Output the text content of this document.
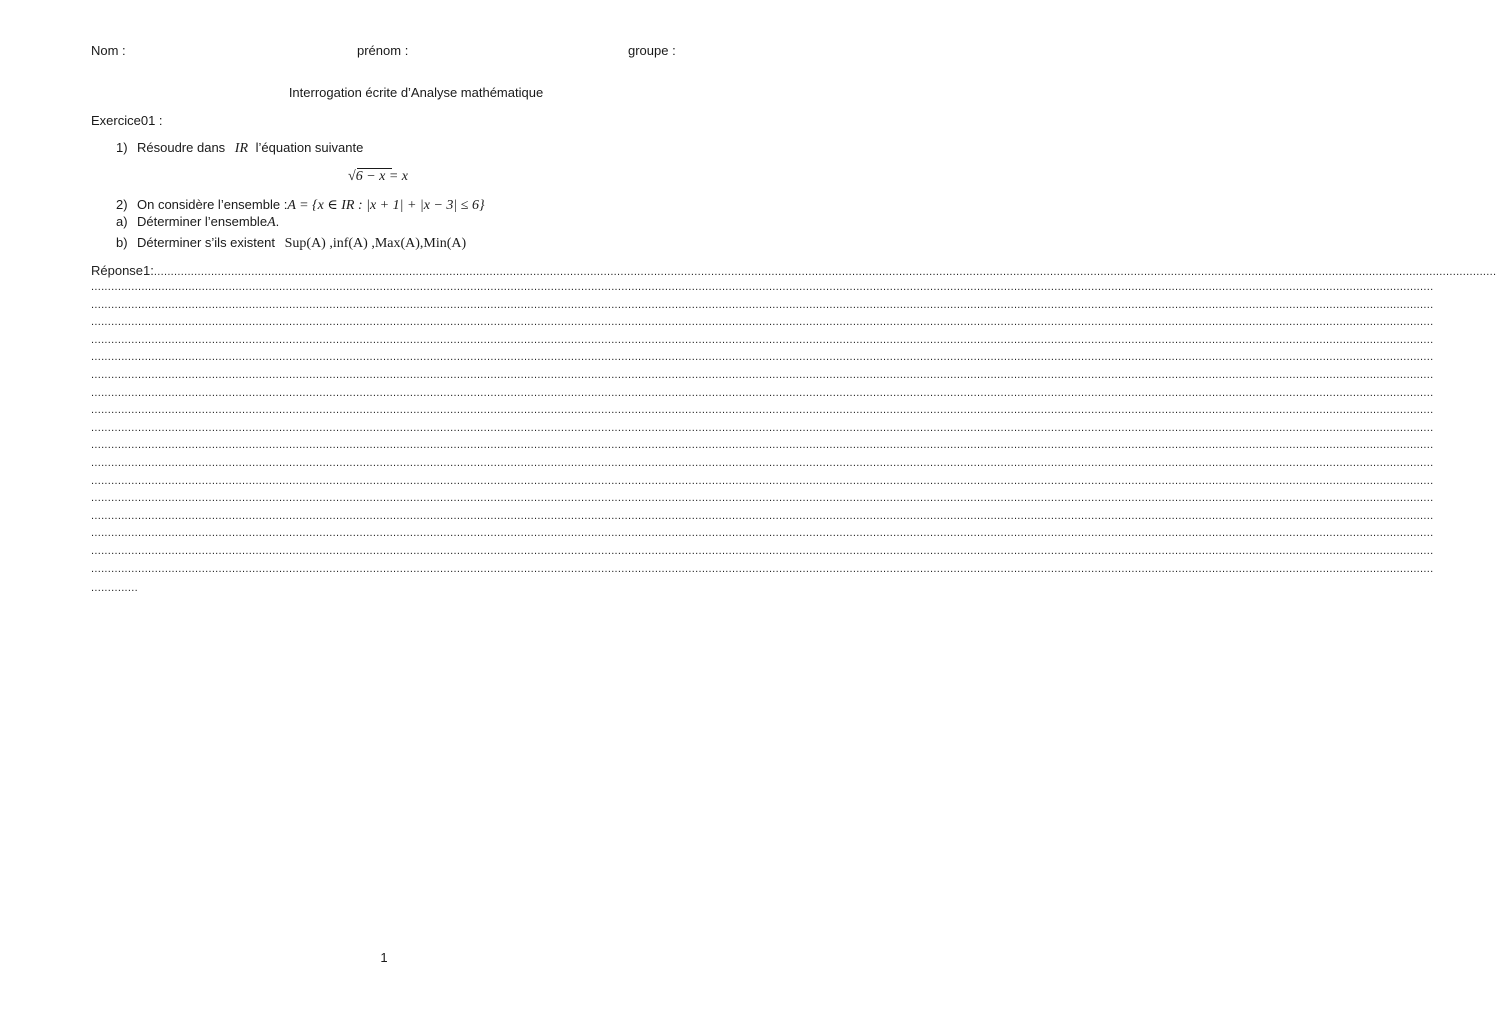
Nom :	prénom :	groupe :
Interrogation écrite d’Analyse mathématique
Exercice01 :
1) Résoudre dans IR l’équation suivante
√6 − x = x
2) On considère l’ensemble :A = {x ∈ IR : |x + 1| + |x − 3| ≤ 6}
a) Déterminer l’ensembleA.
b) Déterminer s’ils existent Sup(A) ,inf(A) ,Max(A),Min(A)
Réponse1:................................................................................................................................................................................................................................................................................................................................................................................................................
................................................................................................................................................................................................................................................................................................................................................................................................................
................................................................................................................................................................................................................................................................................................................................................................................................................
................................................................................................................................................................................................................................................................................................................................................................................................................
................................................................................................................................................................................................................................................................................................................................................................................................................
................................................................................................................................................................................................................................................................................................................................................................................................................
................................................................................................................................................................................................................................................................................................................................................................................................................
................................................................................................................................................................................................................................................................................................................................................................................................................
................................................................................................................................................................................................................................................................................................................................................................................................................
................................................................................................................................................................................................................................................................................................................................................................................................................
................................................................................................................................................................................................................................................................................................................................................................................................................
................................................................................................................................................................................................................................................................................................................................................................................................................
................................................................................................................................................................................................................................................................................................................................................................................................................
................................................................................................................................................................................................................................................................................................................................................................................................................
................................................................................................................................................................................................................................................................................................................................................................................................................
................................................................................................................................................................................................................................................................................................................................................................................................................
................................................................................................................................................................................................................................................................................................................................................................................................................
................................................................................................................................................................................................................................................................................................................................................................................................................
..............
1
